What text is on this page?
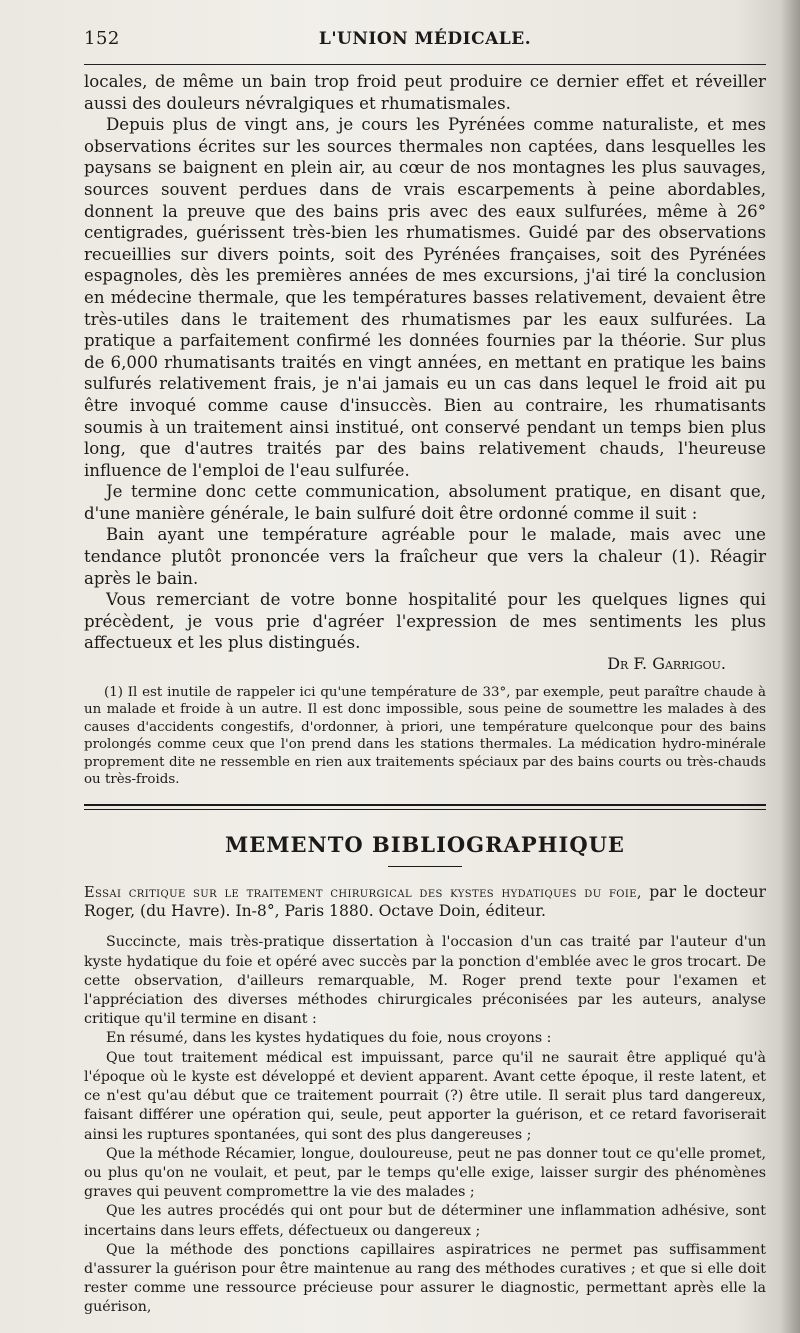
152	L'UNION MÉDICALE.

locales, de même un bain trop froid peut produire ce dernier effet et réveiller aussi des douleurs névralgiques et rhumatismales.

Depuis plus de vingt ans, je cours les Pyrénées comme naturaliste, et mes observations écrites sur les sources thermales non captées, dans lesquelles les paysans se baignent en plein air, au cœur de nos montagnes les plus sauvages, sources souvent perdues dans de vrais escarpements à peine abordables, donnent la preuve que des bains pris avec des eaux sulfurées, même à 26° centigrades, guérissent très-bien les rhumatismes. Guidé par des observations recueillies sur divers points, soit des Pyrénées françaises, soit des Pyrénées espagnoles, dès les premières années de mes excursions, j'ai tiré la conclusion en médecine thermale, que les températures basses relativement, devaient être très-utiles dans le traitement des rhumatismes par les eaux sulfurées. La pratique a parfaitement confirmé les données fournies par la théorie. Sur plus de 6,000 rhumatisants traités en vingt années, en mettant en pratique les bains sulfurés relativement frais, je n'ai jamais eu un cas dans lequel le froid ait pu être invoqué comme cause d'insuccès. Bien au contraire, les rhumatisants soumis à un traitement ainsi institué, ont conservé pendant un temps bien plus long, que d'autres traités par des bains relativement chauds, l'heureuse influence de l'emploi de l'eau sulfurée.

Je termine donc cette communication, absolument pratique, en disant que, d'une manière générale, le bain sulfuré doit être ordonné comme il suit :

Bain ayant une température agréable pour le malade, mais avec une tendance plutôt prononcée vers la fraîcheur que vers la chaleur (1). Réagir après le bain.

Vous remerciant de votre bonne hospitalité pour les quelques lignes qui précèdent, je vous prie d'agréer l'expression de mes sentiments les plus affectueux et les plus distingués.

Dr F. Garrigou.
(1) Il est inutile de rappeler ici qu'une température de 33°, par exemple, peut paraître chaude à un malade et froide à un autre. Il est donc impossible, sous peine de soumettre les malades à des causes d'accidents congestifs, d'ordonner, à priori, une température quelconque pour des bains prolongés comme ceux que l'on prend dans les stations thermales. La médication hydro-minérale proprement dite ne ressemble en rien aux traitements spéciaux par des bains courts ou très-chauds ou très-froids.
MEMENTO BIBLIOGRAPHIQUE
Essai critique sur le traitement chirurgical des kystes hydatiques du foie, par le docteur Roger, (du Havre). In-8°, Paris 1880. Octave Doin, éditeur.

Succincte, mais très-pratique dissertation à l'occasion d'un cas traité par l'auteur d'un kyste hydatique du foie et opéré avec succès par la ponction d'emblée avec le gros trocart. De cette observation, d'ailleurs remarquable, M. Roger prend texte pour l'examen et l'appréciation des diverses méthodes chirurgicales préconisées par les auteurs, analyse critique qu'il termine en disant :

En résumé, dans les kystes hydatiques du foie, nous croyons :

Que tout traitement médical est impuissant, parce qu'il ne saurait être appliqué qu'à l'époque où le kyste est développé et devient apparent. Avant cette époque, il reste latent, et ce n'est qu'au début que ce traitement pourrait (?) être utile. Il serait plus tard dangereux, faisant différer une opération qui, seule, peut apporter la guérison, et ce retard favoriserait ainsi les ruptures spontanées, qui sont des plus dangereuses ;

Que la méthode Récamier, longue, douloureuse, peut ne pas donner tout ce qu'elle promet, ou plus qu'on ne voulait, et peut, par le temps qu'elle exige, laisser surgir des phénomènes graves qui peuvent compromettre la vie des malades ;

Que les autres procédés qui ont pour but de déterminer une inflammation adhésive, sont incertains dans leurs effets, défectueux ou dangereux ;

Que la méthode des ponctions capillaires aspiratrices ne permet pas suffisamment d'assurer la guérison pour être maintenue au rang des méthodes curatives ; et que si elle doit rester comme une ressource précieuse pour assurer le diagnostic, permettant après elle la guérison,
